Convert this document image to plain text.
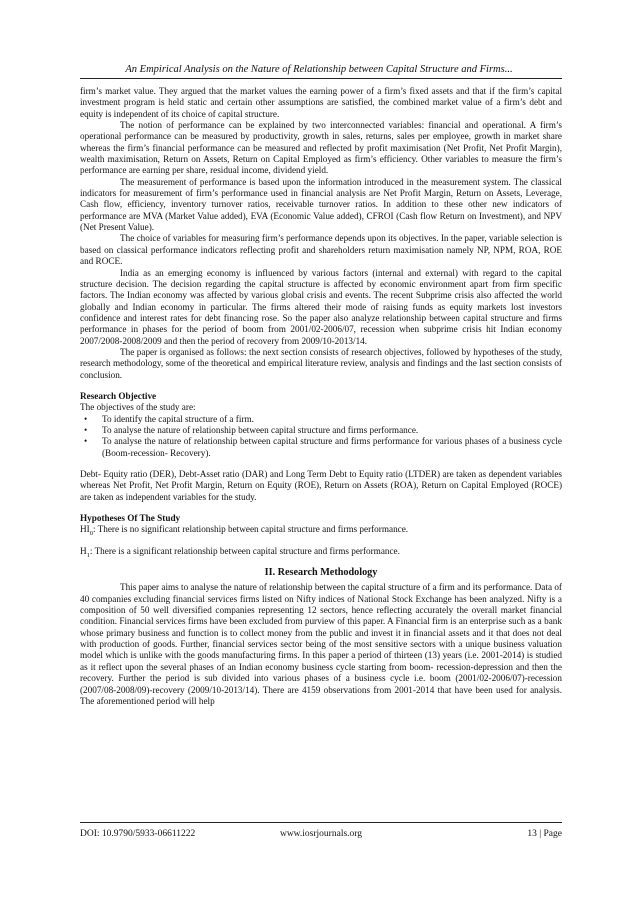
An Empirical Analysis on the Nature of Relationship between Capital Structure and Firms...

firm’s market value. They argued that the market values the earning power of a firm’s fixed assets and that if the firm’s capital investment program is held static and certain other assumptions are satisfied, the combined market value of a firm’s debt and equity is independent of its choice of capital structure.

The notion of performance can be explained by two interconnected variables: financial and operational. A firm’s operational performance can be measured by productivity, growth in sales, returns, sales per employee, growth in market share whereas the firm’s financial performance can be measured and reflected by profit maximisation (Net Profit, Net Profit Margin), wealth maximisation, Return on Assets, Return on Capital Employed as firm’s efficiency. Other variables to measure the firm’s performance are earning per share, residual income, dividend yield.

The measurement of performance is based upon the information introduced in the measurement system. The classical indicators for measurement of firm’s performance used in financial analysis are Net Profit Margin, Return on Assets, Leverage, Cash flow, efficiency, inventory turnover ratios, receivable turnover ratios. In addition to these other new indicators of performance are MVA (Market Value added), EVA (Economic Value added), CFROI (Cash flow Return on Investment), and NPV (Net Present Value).

The choice of variables for measuring firm’s performance depends upon its objectives. In the paper, variable selection is based on classical performance indicators reflecting profit and shareholders return maximisation namely NP, NPM, ROA, ROE and ROCE.

India as an emerging economy is influenced by various factors (internal and external) with regard to the capital structure decision. The decision regarding the capital structure is affected by economic environment apart from firm specific factors. The Indian economy was affected by various global crisis and events. The recent Subprime crisis also affected the world globally and Indian economy in particular. The firms altered their mode of raising funds as equity markets lost investors confidence and interest rates for debt financing rose. So the paper also analyze relationship between capital structure and firms performance in phases for the period of boom from 2001/02-2006/07, recession when subprime crisis hit Indian economy 2007/2008-2008/2009 and then the period of recovery from 2009/10-2013/14.

The paper is organised as follows: the next section consists of research objectives, followed by hypotheses of the study, research methodology, some of the theoretical and empirical literature review, analysis and findings and the last section consists of conclusion.

Research Objective

The objectives of the study are:

• To identify the capital structure of a firm.
• To analyse the nature of relationship between capital structure and firms performance.
• To analyse the nature of relationship between capital structure and firms performance for various phases of a business cycle (Boom-recession- Recovery).

Debt- Equity ratio (DER), Debt-Asset ratio (DAR) and Long Term Debt to Equity ratio (LTDER) are taken as dependent variables whereas Net Profit, Net Profit Margin, Return on Equity (ROE), Return on Assets (ROA), Return on Capital Employed (ROCE) are taken as independent variables for the study.

Hypotheses Of The Study

$HI_0$: There is no significant relationship between capital structure and firms performance.

$H_1$: There is a significant relationship between capital structure and firms performance.

II. Research Methodology

This paper aims to analyse the nature of relationship between the capital structure of a firm and its performance. Data of 40 companies excluding financial services firms listed on Nifty indices of National Stock Exchange has been analyzed. Nifty is a composition of 50 well diversified companies representing 12 sectors, hence reflecting accurately the overall market financial condition. Financial services firms have been excluded from purview of this paper. A Financial firm is an enterprise such as a bank whose primary business and function is to collect money from the public and invest it in financial assets and it that does not deal with production of goods. Further, financial services sector being of the most sensitive sectors with a unique business valuation model which is unlike with the goods manufacturing firms. In this paper a period of thirteen (13) years (i.e. 2001-2014) is studied as it reflect upon the several phases of an Indian economy business cycle starting from boom- recession-depression and then the recovery. Further the period is sub divided into various phases of a business cycle i.e. boom (2001/02-2006/07)-recession (2007/08-2008/09)-recovery (2009/10-2013/14). There are 4159 observations from 2001-2014 that have been used for analysis. The aforementioned period will help

DOI: 10.9790/5933-06611222	www.iosrjournals.org	13 | Page
